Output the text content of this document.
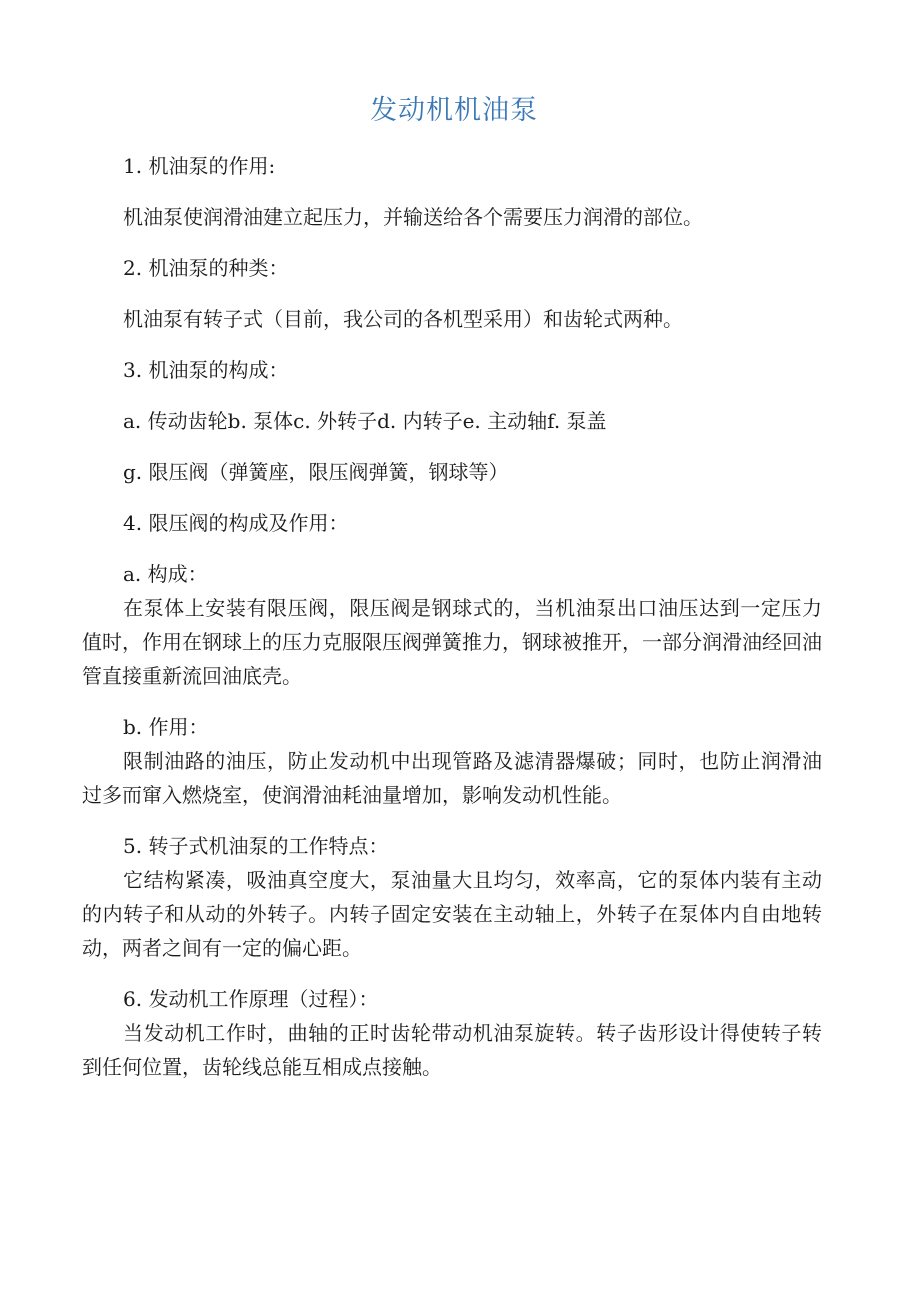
发动机机油泵

1. 机油泵的作用:

机油泵使润滑油建立起压力，并输送给各个需要压力润滑的部位。

2. 机油泵的种类：

机油泵有转子式（目前，我公司的各机型采用）和齿轮式两种。

3. 机油泵的构成：

a. 传动齿轮b. 泵体c. 外转子d. 内转子e. 主动轴f. 泵盖

g. 限压阀（弹簧座，限压阀弹簧，钢球等）

4. 限压阀的构成及作用：

a. 构成：

在泵体上安装有限压阀，限压阀是钢球式的，当机油泵出口油压达到一定压力值时，作用在钢球上的压力克服限压阀弹簧推力，钢球被推开，一部分润滑油经回油管直接重新流回油底壳。

b. 作用：

限制油路的油压，防止发动机中出现管路及滤清器爆破；同时，也防止润滑油过多而窜入燃烧室，使润滑油耗油量增加，影响发动机性能。

5. 转子式机油泵的工作特点：

它结构紧凑，吸油真空度大，泵油量大且均匀，效率高，它的泵体内装有主动的内转子和从动的外转子。内转子固定安装在主动轴上，外转子在泵体内自由地转动，两者之间有一定的偏心距。

6. 发动机工作原理（过程）：

当发动机工作时，曲轴的正时齿轮带动机油泵旋转。转子齿形设计得使转子转到任何位置，齿轮线总能互相成点接触。
